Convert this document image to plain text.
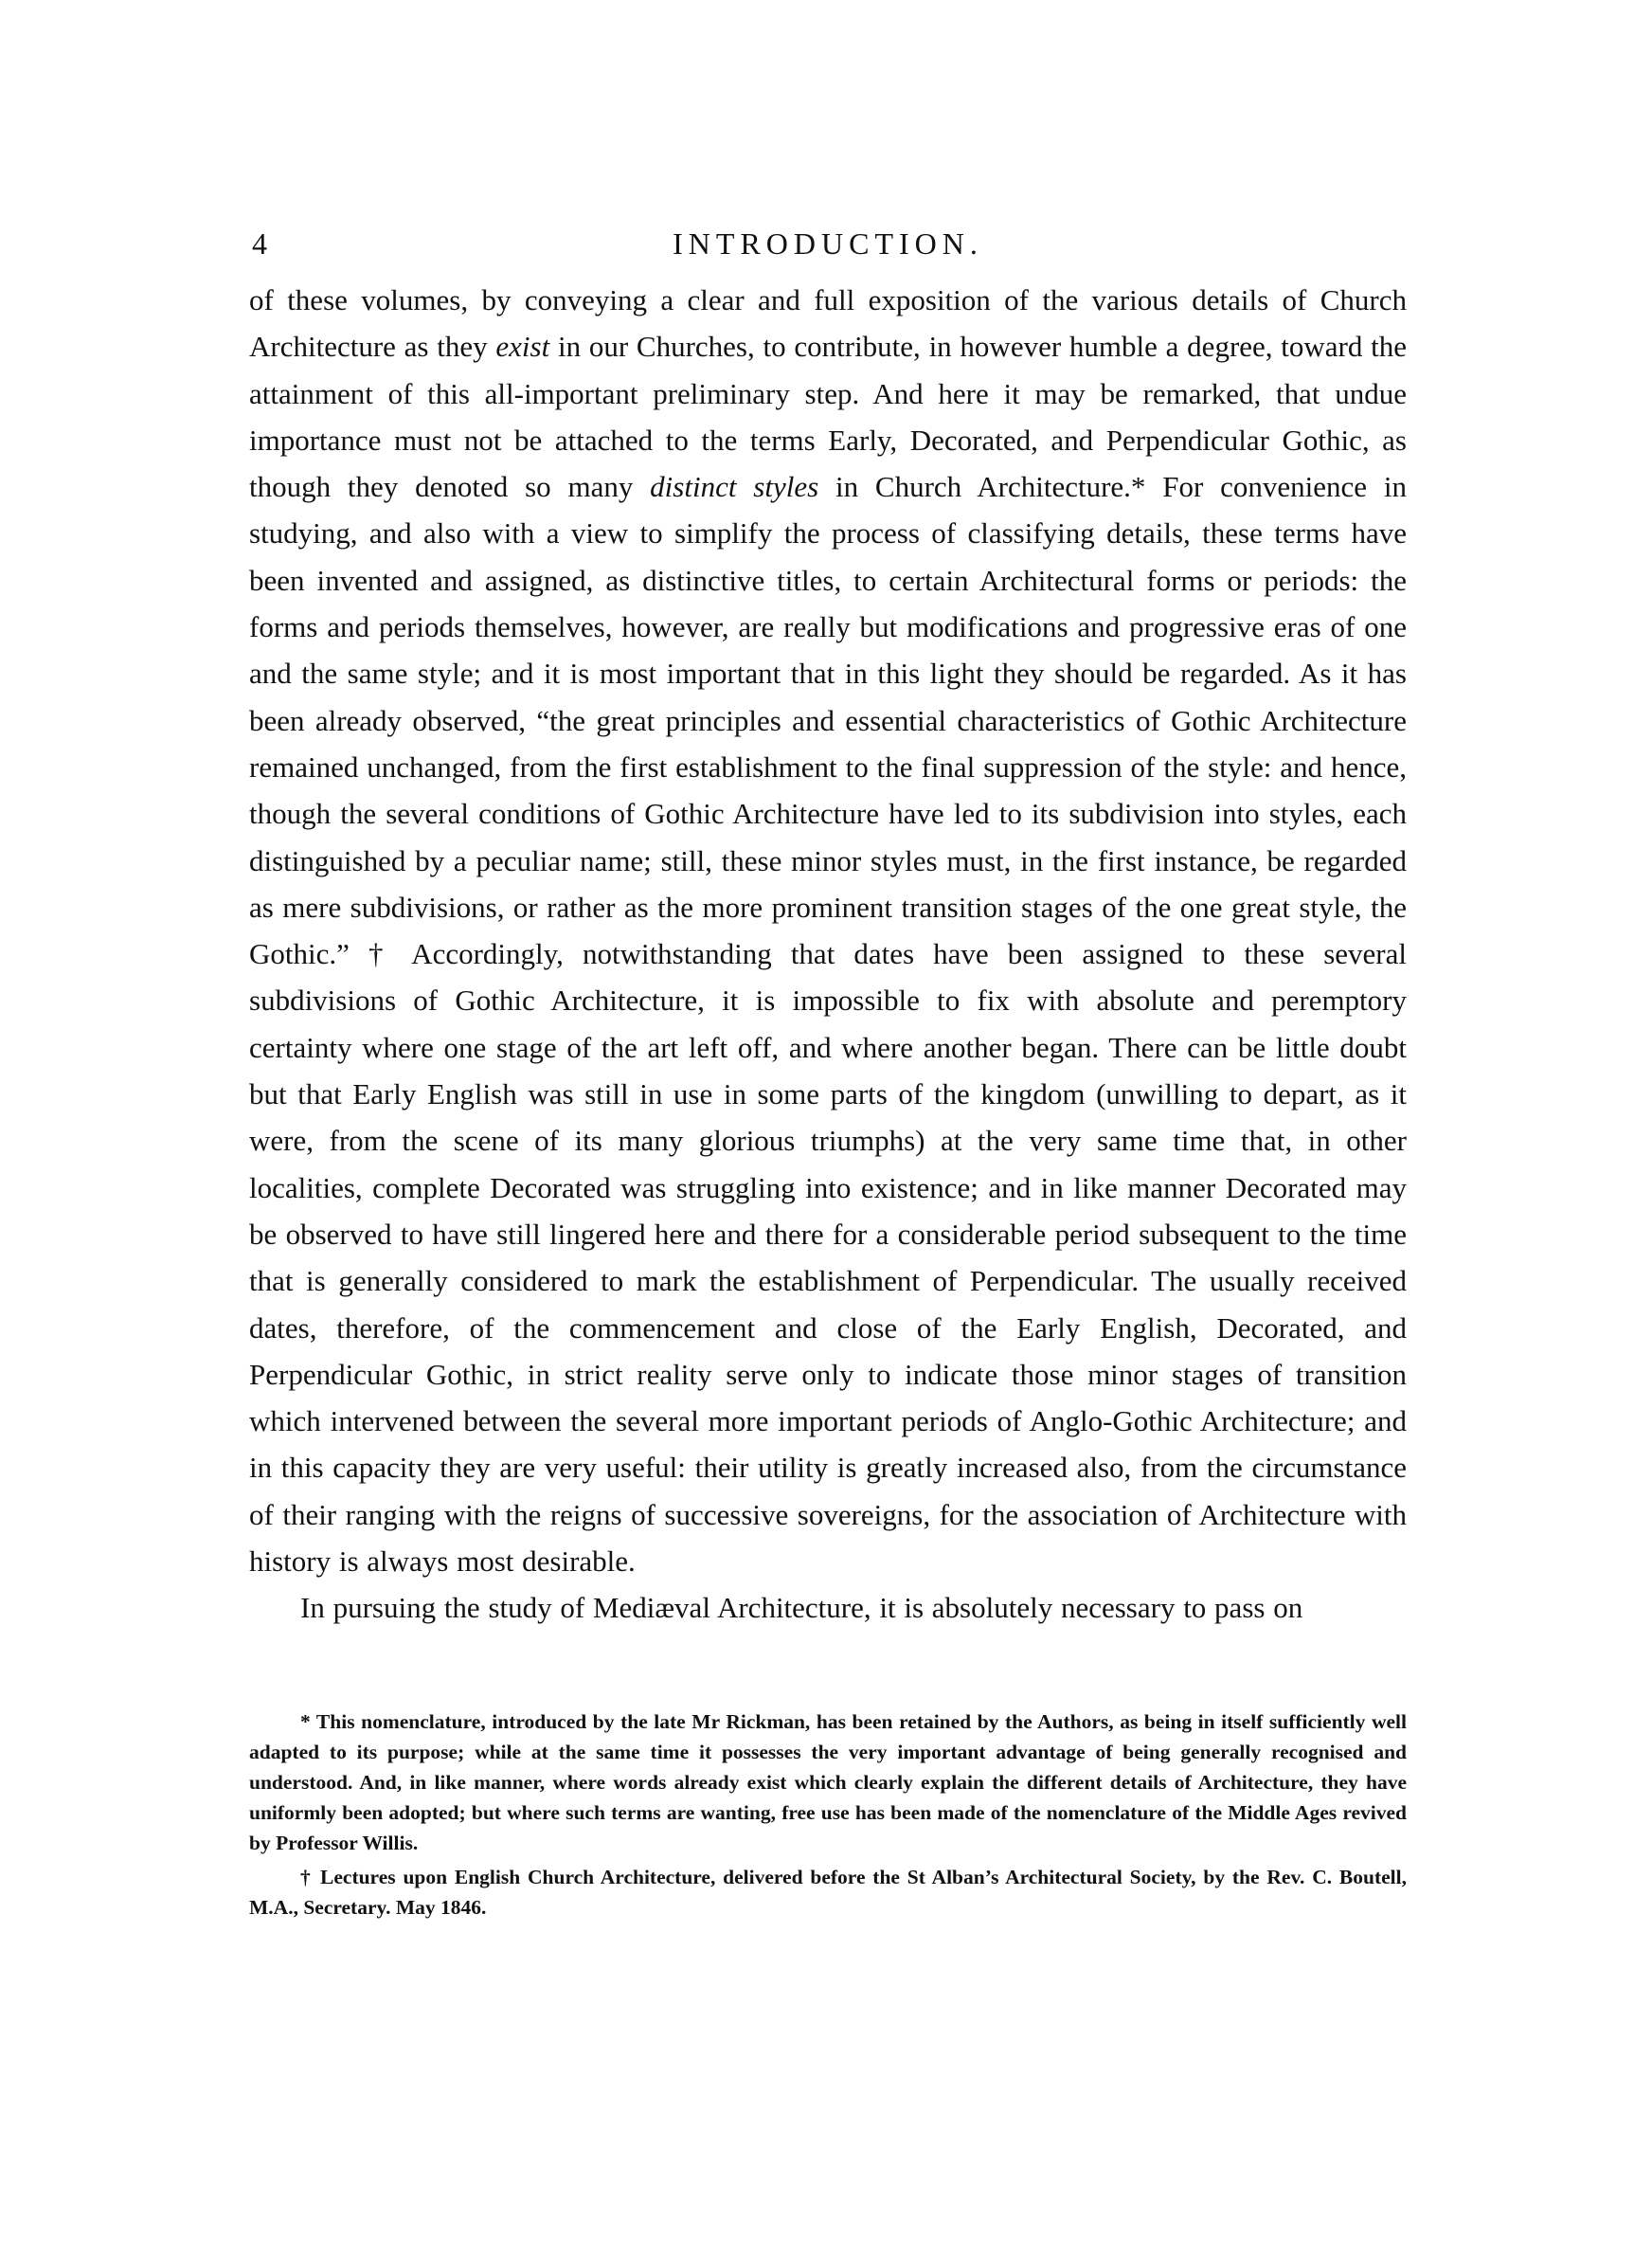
4	INTRODUCTION.

of these volumes, by conveying a clear and full exposition of the various details of Church Architecture as they exist in our Churches, to contribute, in however humble a degree, toward the attainment of this all-important preliminary step. And here it may be remarked, that undue importance must not be attached to the terms Early, Decorated, and Perpendicular Gothic, as though they denoted so many distinct styles in Church Architecture.* For convenience in studying, and also with a view to simplify the process of classifying details, these terms have been invented and assigned, as distinctive titles, to certain Architectural forms or periods: the forms and periods themselves, however, are really but modifications and progressive eras of one and the same style; and it is most important that in this light they should be regarded. As it has been already observed, “the great principles and essential characteristics of Gothic Architecture remained unchanged, from the first establishment to the final suppression of the style: and hence, though the several conditions of Gothic Architecture have led to its subdivision into styles, each distinguished by a peculiar name; still, these minor styles must, in the first instance, be regarded as mere subdivisions, or rather as the more prominent transition stages of the one great style, the Gothic.” † Accordingly, notwithstanding that dates have been assigned to these several subdivisions of Gothic Architecture, it is impossible to fix with absolute and peremptory certainty where one stage of the art left off, and where another began. There can be little doubt but that Early English was still in use in some parts of the kingdom (unwilling to depart, as it were, from the scene of its many glorious triumphs) at the very same time that, in other localities, complete Decorated was struggling into existence; and in like manner Decorated may be observed to have still lingered here and there for a considerable period subsequent to the time that is generally considered to mark the establishment of Perpendicular. The usually received dates, therefore, of the commencement and close of the Early English, Decorated, and Perpendicular Gothic, in strict reality serve only to indicate those minor stages of transition which intervened between the several more important periods of Anglo-Gothic Architecture; and in this capacity they are very useful: their utility is greatly increased also, from the circumstance of their ranging with the reigns of successive sovereigns, for the association of Architecture with history is always most desirable.

In pursuing the study of Mediæval Architecture, it is absolutely necessary to pass on

* This nomenclature, introduced by the late Mr Rickman, has been retained by the Authors, as being in itself sufficiently well adapted to its purpose; while at the same time it possesses the very important advantage of being generally recognised and understood. And, in like manner, where words already exist which clearly explain the different details of Architecture, they have uniformly been adopted; but where such terms are wanting, free use has been made of the nomenclature of the Middle Ages revived by Professor Willis.

† Lectures upon English Church Architecture, delivered before the St Alban’s Architectural Society, by the Rev. C. Boutell, M.A., Secretary. May 1846.
